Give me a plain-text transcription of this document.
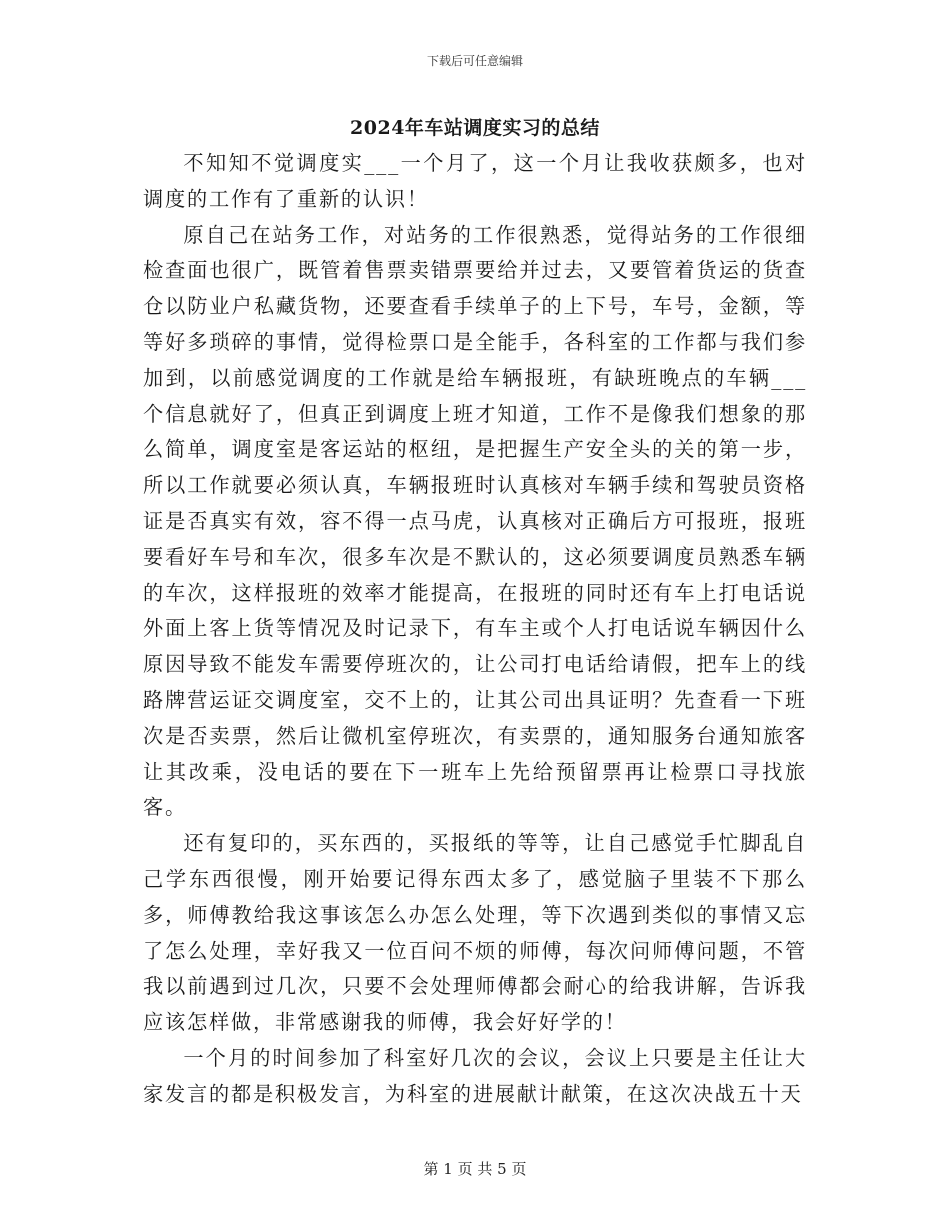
下载后可任意编辑
2024年车站调度实习的总结

不知知不觉调度实___一个月了，这一个月让我收获颇多，也对调度的工作有了重新的认识！

原自己在站务工作，对站务的工作很熟悉，觉得站务的工作很细检查面也很广，既管着售票卖错票要给并过去，又要管着货运的货查仓以防业户私藏货物，还要查看手续单子的上下号，车号，金额，等等好多琐碎的事情，觉得检票口是全能手，各科室的工作都与我们参加到，以前感觉调度的工作就是给车辆报班，有缺班晚点的车辆___个信息就好了，但真正到调度上班才知道，工作不是像我们想象的那么简单，调度室是客运站的枢纽，是把握生产安全头的关的第一步，所以工作就要必须认真，车辆报班时认真核对车辆手续和驾驶员资格证是否真实有效，容不得一点马虎，认真核对正确后方可报班，报班要看好车号和车次，很多车次是不默认的，这必须要调度员熟悉车辆的车次，这样报班的效率才能提高，在报班的同时还有车上打电话说外面上客上货等情况及时记录下，有车主或个人打电话说车辆因什么原因导致不能发车需要停班次的，让公司打电话给请假，把车上的线路牌营运证交调度室，交不上的，让其公司出具证明？先查看一下班次是否卖票，然后让微机室停班次，有卖票的，通知服务台通知旅客让其改乘，没电话的要在下一班车上先给预留票再让检票口寻找旅客。

还有复印的，买东西的，买报纸的等等，让自己感觉手忙脚乱自己学东西很慢，刚开始要记得东西太多了，感觉脑子里装不下那么多，师傅教给我这事该怎么办怎么处理，等下次遇到类似的事情又忘了怎么处理，幸好我又一位百问不烦的师傅，每次问师傅问题，不管我以前遇到过几次，只要不会处理师傅都会耐心的给我讲解，告诉我应该怎样做，非常感谢我的师傅，我会好好学的！

一个月的时间参加了科室好几次的会议，会议上只要是主任让大家发言的都是积极发言，为科室的进展献计献策，在这次决战五十天

第 1 页 共 5 页
